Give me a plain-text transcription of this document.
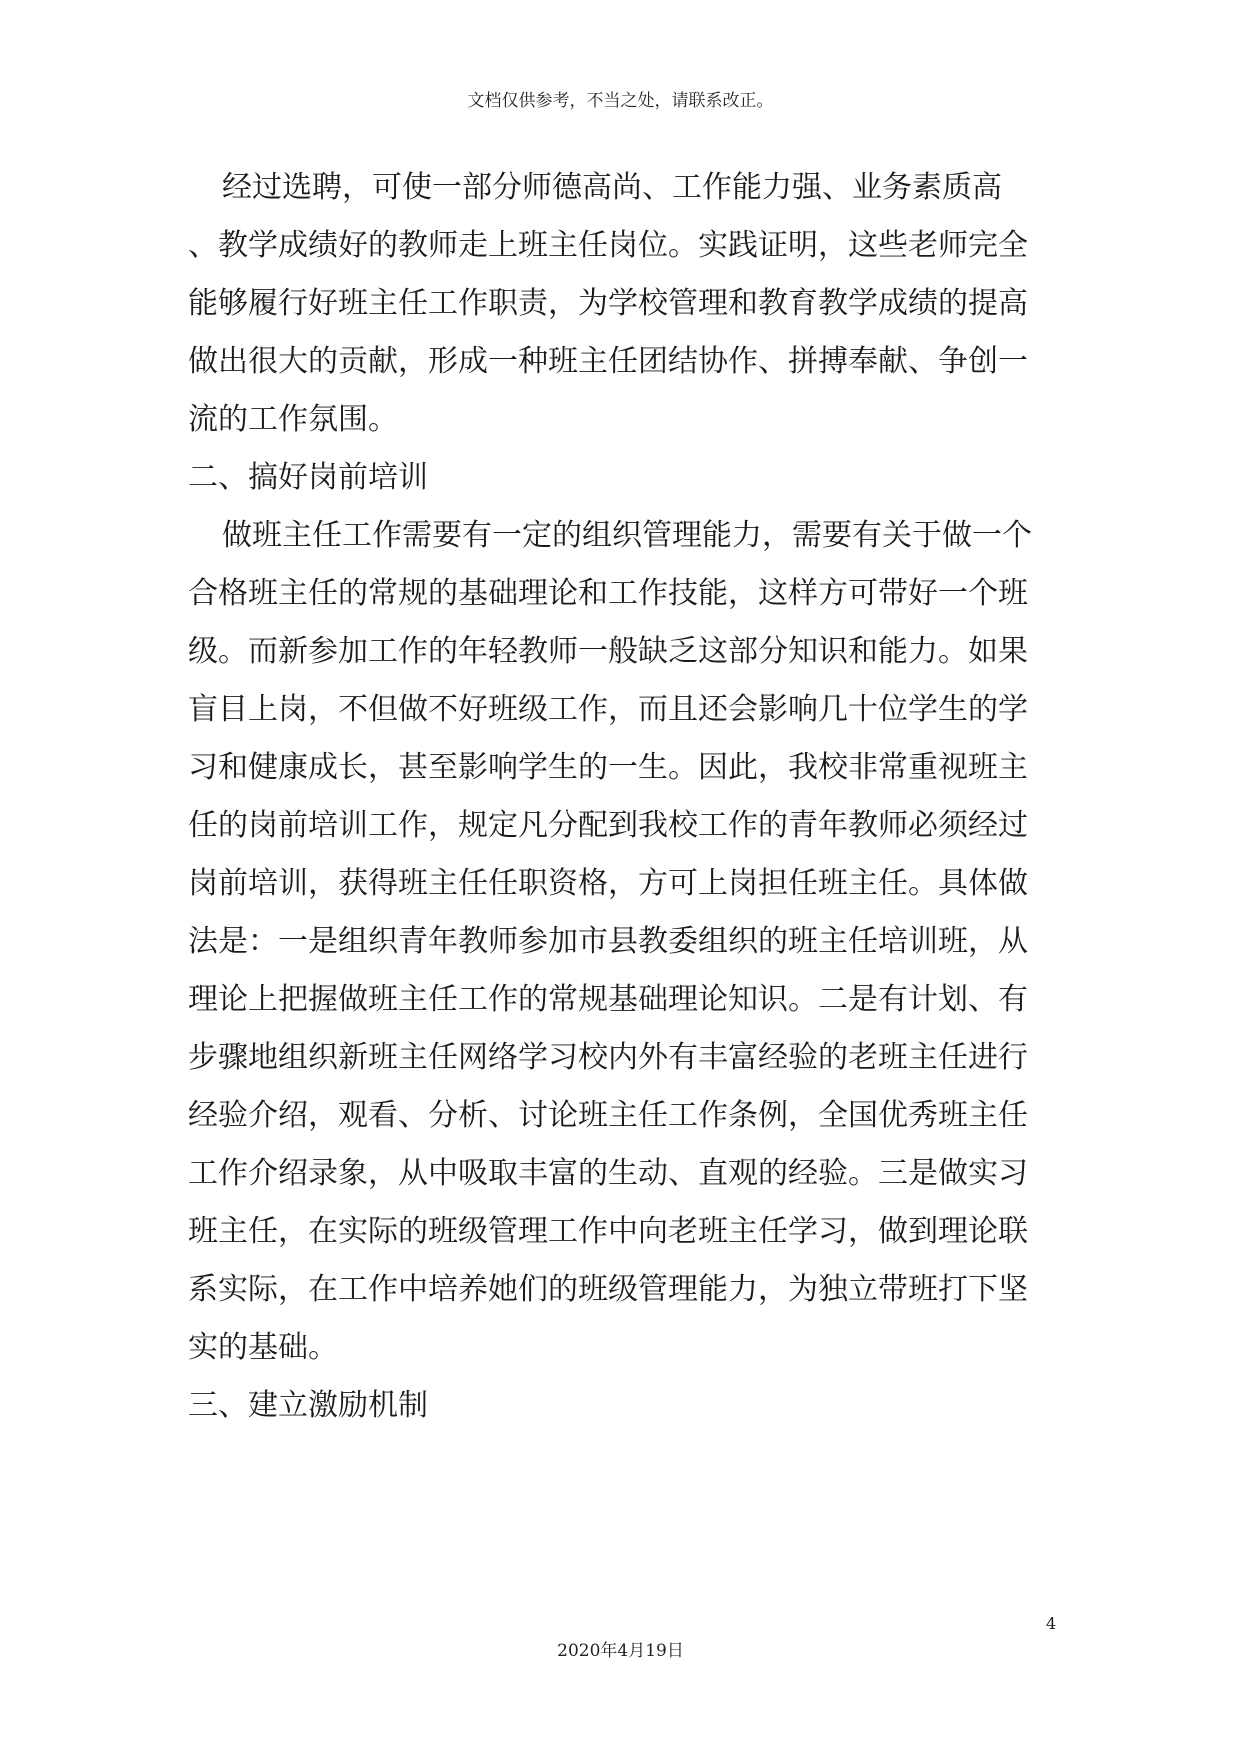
文档仅供参考，不当之处，请联系改正。
经过选聘，可使一部分师德高尚、工作能力强、业务素质高
、教学成绩好的教师走上班主任岗位。实践证明，这些老师完全
能够履行好班主任工作职责，为学校管理和教育教学成绩的提高
做出很大的贡献，形成一种班主任团结协作、拼搏奉献、争创一
流的工作氛围。
二、搞好岗前培训
做班主任工作需要有一定的组织管理能力，需要有关于做一个
合格班主任的常规的基础理论和工作技能，这样方可带好一个班
级。而新参加工作的年轻教师一般缺乏这部分知识和能力。如果
盲目上岗，不但做不好班级工作，而且还会影响几十位学生的学
习和健康成长，甚至影响学生的一生。因此，我校非常重视班主
任的岗前培训工作，规定凡分配到我校工作的青年教师必须经过
岗前培训，获得班主任任职资格，方可上岗担任班主任。具体做
法是：一是组织青年教师参加市县教委组织的班主任培训班，从
理论上把握做班主任工作的常规基础理论知识。二是有计划、有
步骤地组织新班主任网络学习校内外有丰富经验的老班主任进行
经验介绍，观看、分析、讨论班主任工作条例，全国优秀班主任
工作介绍录象，从中吸取丰富的生动、直观的经验。三是做实习
班主任，在实际的班级管理工作中向老班主任学习，做到理论联
系实际，在工作中培养她们的班级管理能力，为独立带班打下坚
实的基础。
三、建立激励机制
4
2020年4月19日
